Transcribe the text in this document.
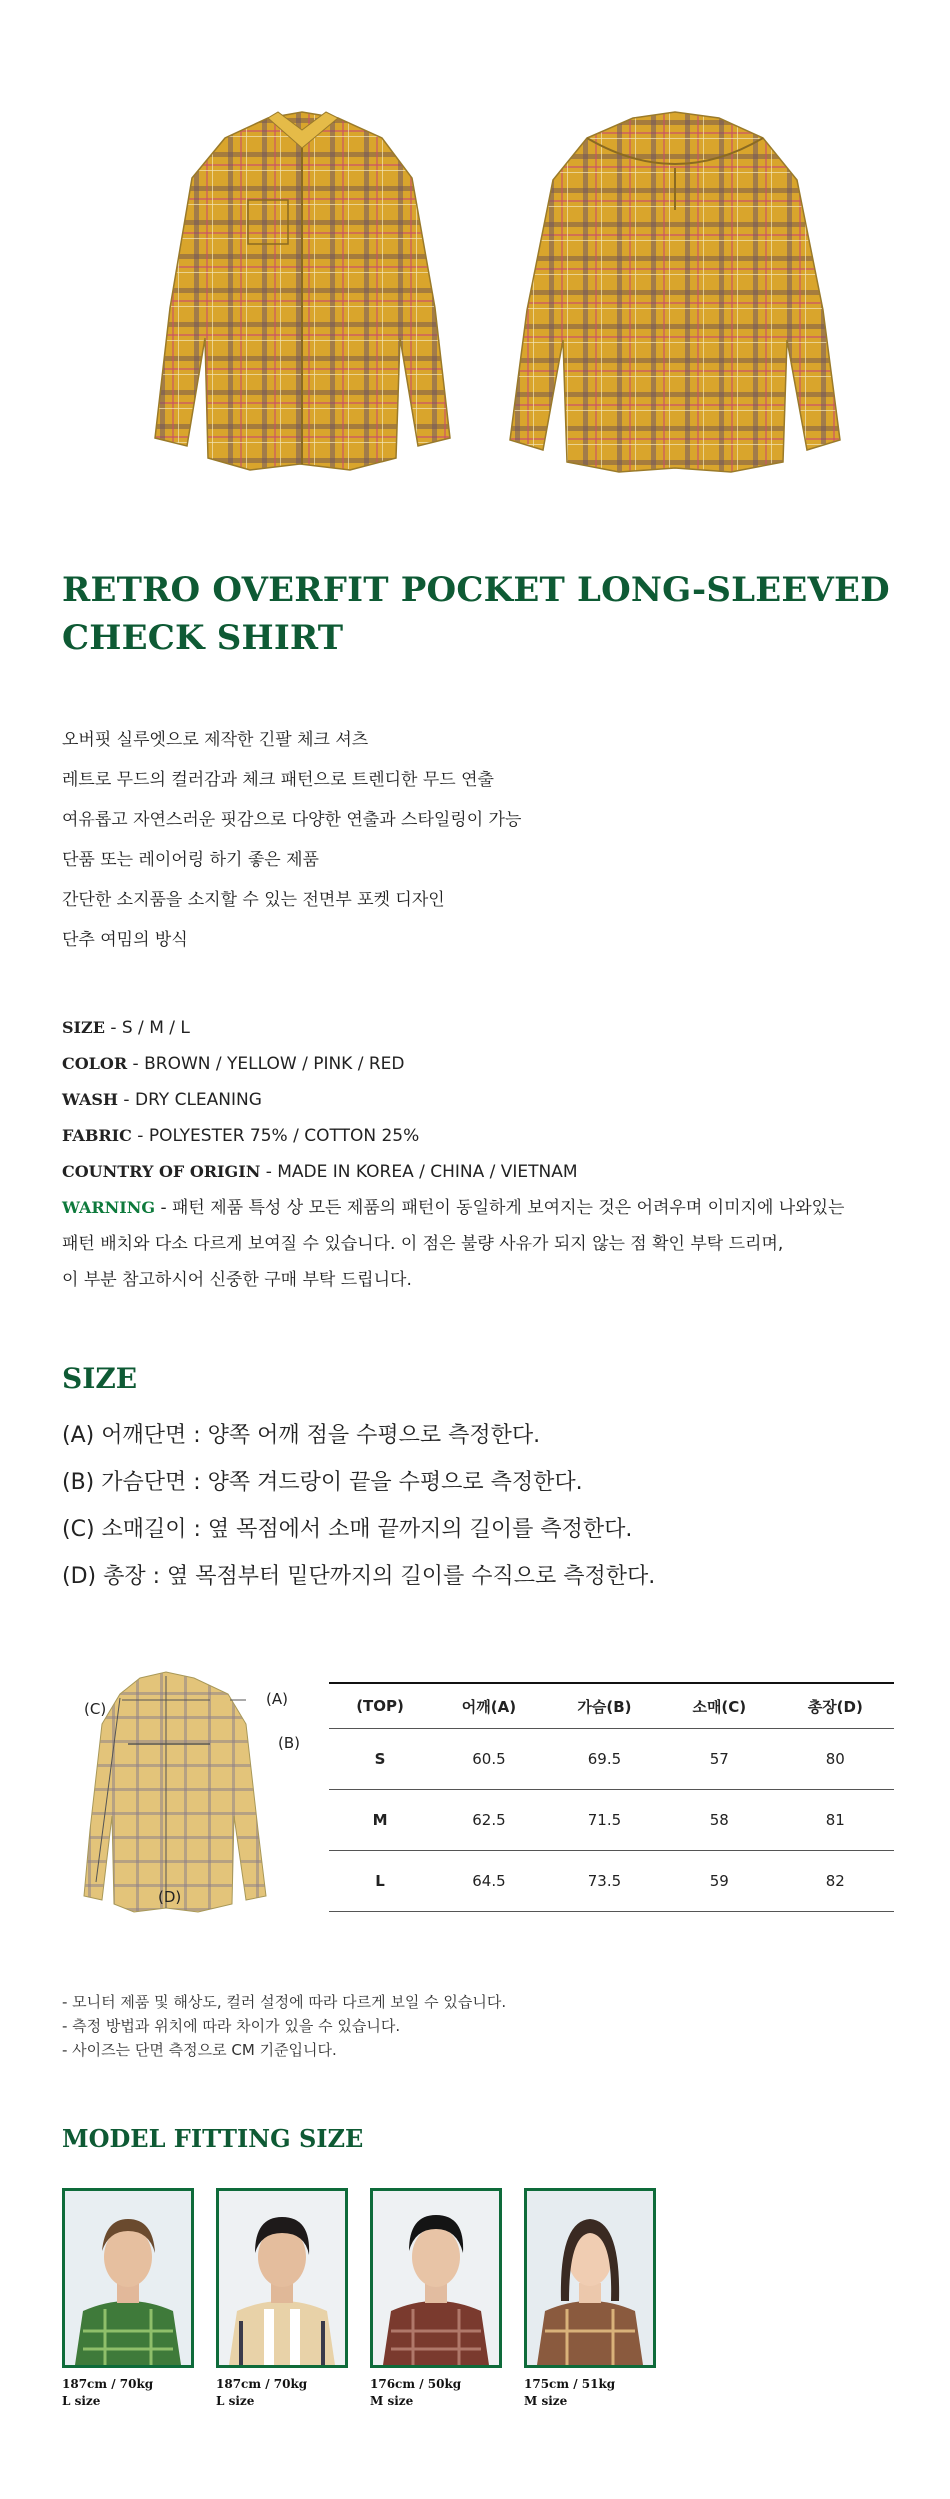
RETRO OVERFIT POCKET LONG-SLEEVED
CHECK SHIRT
오버핏 실루엣으로 제작한 긴팔 체크 셔츠
레트로 무드의 컬러감과 체크 패턴으로 트렌디한 무드 연출
여유롭고 자연스러운 핏감으로 다양한 연출과 스타일링이 가능
단품 또는 레이어링 하기 좋은 제품
간단한 소지품을 소지할 수 있는 전면부 포켓 디자인
단추 여밈의 방식
SIZE - S / M / L
COLOR - BROWN / YELLOW / PINK / RED
WASH - DRY CLEANING
FABRIC - POLYESTER 75% / COTTON 25%
COUNTRY OF ORIGIN - MADE IN KOREA / CHINA / VIETNAM
WARNING - 패턴 제품 특성 상 모든 제품의 패턴이 동일하게 보여지는 것은 어려우며 이미지에 나와있는
패턴 배치와 다소 다르게 보여질 수 있습니다. 이 점은 불량 사유가 되지 않는 점 확인 부탁 드리며,
이 부분 참고하시어 신중한 구매 부탁 드립니다.
SIZE
(A) 어깨단면 : 양쪽 어깨 점을 수평으로 측정한다.
(B) 가슴단면 : 양쪽 겨드랑이 끝을 수평으로 측정한다.
(C) 소매길이 : 옆 목점에서 소매 끝까지의 길이를 측정한다.
(D) 총장 : 옆 목점부터 밑단까지의 길이를 수직으로 측정한다.
(A)
(B)
(C)
(D)
(TOP)	어깨(A)	가슴(B)	소매(C)	총장(D)
S	60.5	69.5	57	80
M	62.5	71.5	58	81
L	64.5	73.5	59	82
- 모니터 제품 및 해상도, 컬러 설정에 따라 다르게 보일 수 있습니다.
- 측정 방법과 위치에 따라 차이가 있을 수 있습니다.
- 사이즈는 단면 측정으로 CM 기준입니다.
MODEL FITTING SIZE
187cm / 70kg
L size
187cm / 70kg
L size
176cm / 50kg
M size
175cm / 51kg
M size
